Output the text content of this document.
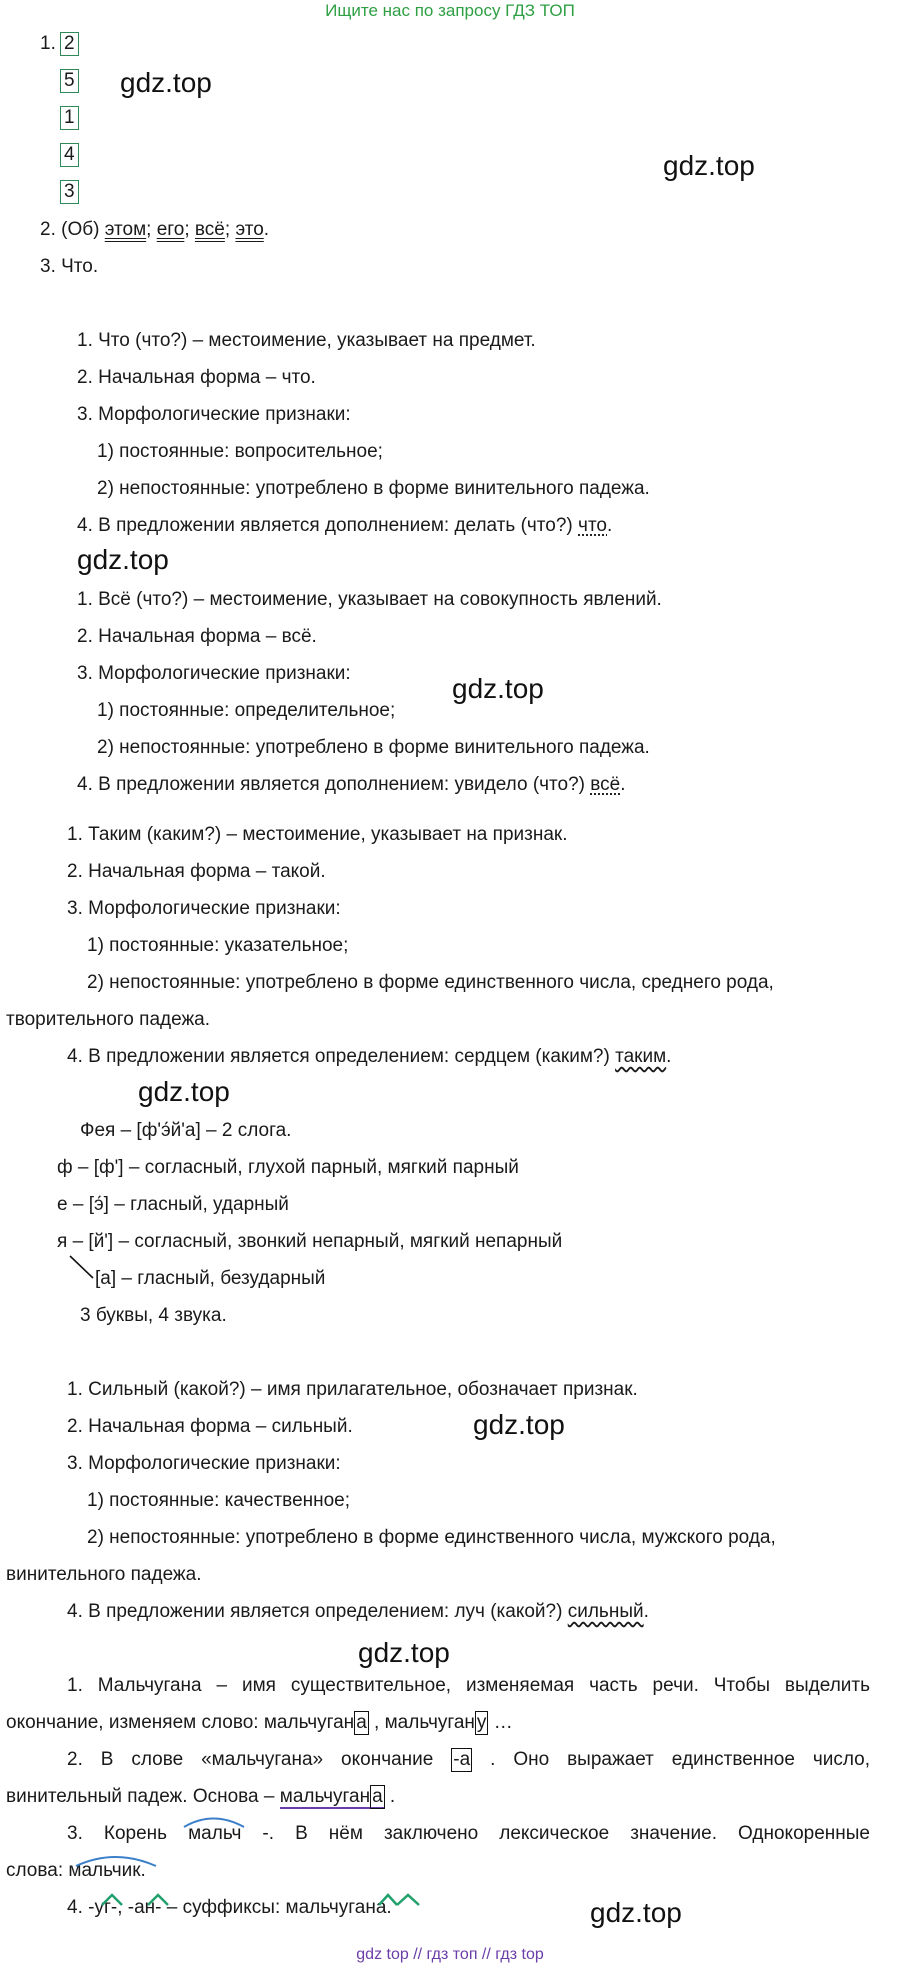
Ищите нас по запросу ГДЗ ТОП
1. 2
5
1
4
3
2. (Об) этом; его; всё; это.
3. Что.
1. Что (что?) – местоимение, указывает на предмет.
2. Начальная форма – что.
3. Морфологические признаки:
1) постоянные: вопросительное;
2) непостоянные: употреблено в форме винительного падежа.
4. В предложении является дополнением: делать (что?) что.
1. Всё (что?) – местоимение, указывает на совокупность явлений.
2. Начальная форма – всё.
3. Морфологические признаки:
1) постоянные: определительное;
2) непостоянные: употреблено в форме винительного падежа.
4. В предложении является дополнением: увидело (что?) всё.
1. Таким (каким?) – местоимение, указывает на признак.
2. Начальная форма – такой.
3. Морфологические признаки:
1) постоянные: указательное;
2) непостоянные: употреблено в форме единственного числа, среднего рода,
творительного падежа.
4. В предложении является определением: сердцем (каким?) таким.
Фея – [ф'э́й'а] – 2 слога.
ф – [ф'] – согласный, глухой парный, мягкий парный
е – [э́] – гласный, ударный
я – [й'] – согласный, звонкий непарный, мягкий непарный
[а] – гласный, безударный
3 буквы, 4 звука.
1. Сильный (какой?) – имя прилагательное, обозначает признак.
2. Начальная форма – сильный.
3. Морфологические признаки:
1) постоянные: качественное;
2) непостоянные: употреблено в форме единственного числа, мужского рода,
винительного падежа.
4. В предложении является определением: луч (какой?) сильный.
1. Мальчугана – имя существительное, изменяемая часть речи. Чтобы выделить
окончание, изменяем слово: мальчуган а , мальчуган у …
2. В слове «мальчугана» окончание -а . Оно выражает единственное число,
винительный падеж. Основа – мальчуган а .
3. Корень мальч -. В нём заключено лексическое значение. Однокоренные
слова: мальчик.
4. -уг-, -ан- – суффиксы: мальчугана.
gdz.top
gdz.top
gdz.top
gdz.top
gdz.top
gdz.top
gdz.top
gdz.top
gdz top // гдз топ // гдз top
